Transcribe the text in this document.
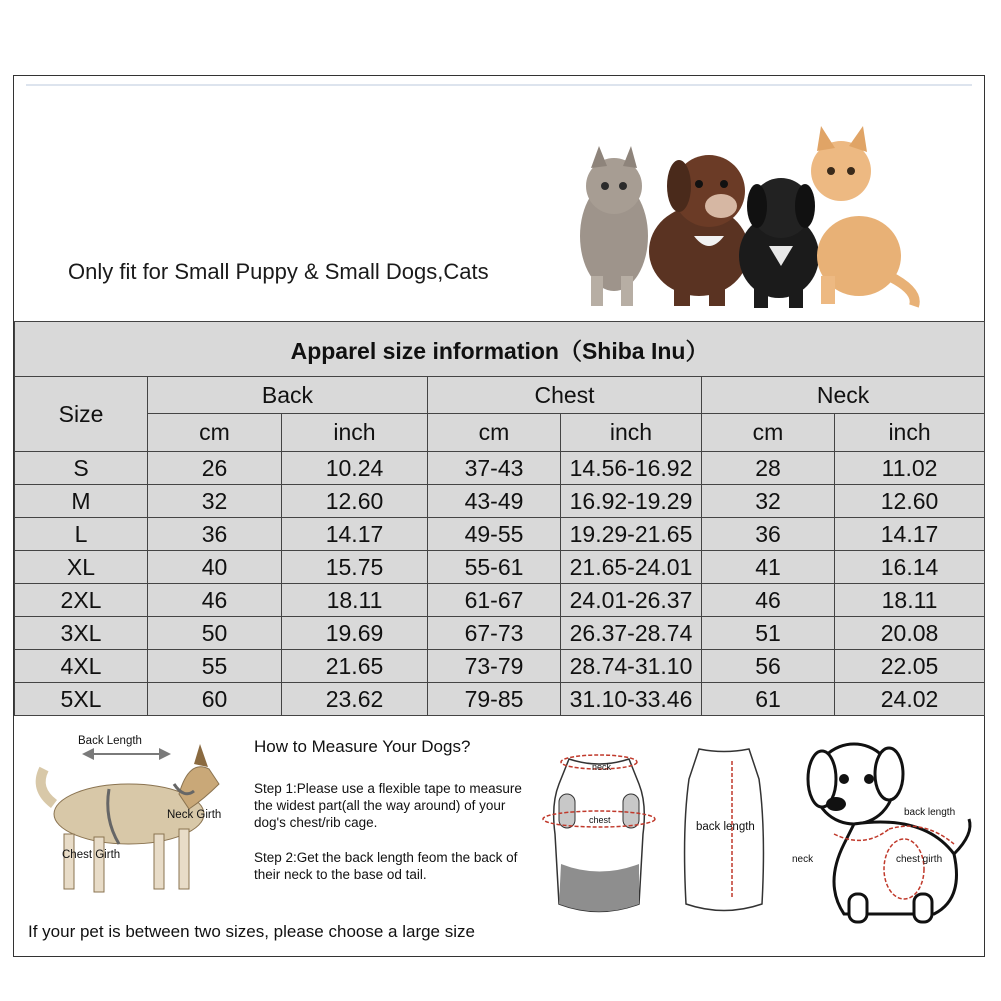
Only fit for Small Puppy & Small Dogs,Cats
Apparel size information（Shiba Inu）						
Size	Back		Chest		Neck	
	cm	inch	cm	inch	cm	inch
S	26	10.24	37-43	14.56-16.92	28	11.02
M	32	12.60	43-49	16.92-19.29	32	12.60
L	36	14.17	49-55	19.29-21.65	36	14.17
XL	40	15.75	55-61	21.65-24.01	41	16.14
2XL	46	18.11	61-67	24.01-26.37	46	18.11
3XL	50	19.69	67-73	26.37-28.74	51	20.08
4XL	55	21.65	73-79	28.74-31.10	56	22.05
5XL	60	23.62	79-85	31.10-33.46	61	24.02
Back Length
Neck Girth
Chest Girth
How to Measure Your Dogs?
Step 1:Please use a flexible tape to measure the widest part(all the way around) of your dog's chest/rib cage.
Step 2:Get the back length feom the back of their neck to the base od tail.
neck
chest
back length
back length
neck	chest girth
If your pet is between two sizes, please choose a large size
